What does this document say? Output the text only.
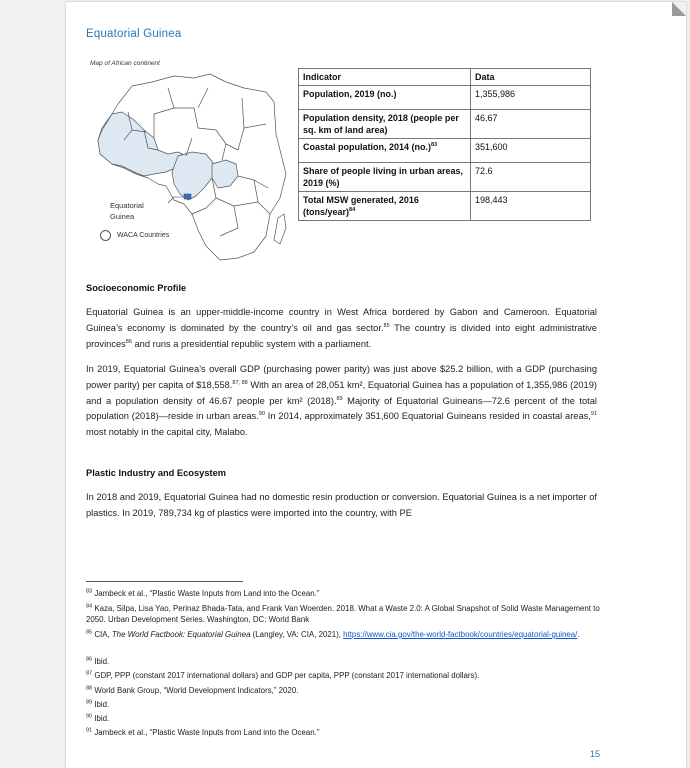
Equatorial Guinea
Map of African continent
Equatorial
Guinea
WACA Countries
Indicator	Data
Population, 2019 (no.)	1,355,986
Population density, 2018 (people per sq. km of land area)	46.67
Coastal population, 2014 $(no.)^{83}$	351,600
Share of people living in urban areas, 2019 (%)	72.6
Total MSW generated, 2016 (tons/year)$^{84}$	198,443
Socioeconomic Profile

Equatorial Guinea is an upper-middle-income country in West Africa bordered by Gabon and Cameroon. Equatorial Guinea’s economy is dominated by the country’s oil and gas sector.$^{85}$ The country is divided into eight administrative provinces$^{86}$ and runs a presidential republic system with a parliament.

In 2019, Equatorial Guinea’s overall GDP (purchasing power parity) was just above $25.2 billion, with a GDP (purchasing power parity) per capita of $18,558.$^{87, 88}$ With an area of 28,051 km², Equatorial Guinea has a population of 1,355,986 (2019) and a population density of 46.67 people per km² (2018).$^{89}$ Majority of Equatorial Guineans—72.6 percent of the total population (2018)—reside in urban areas.$^{90}$ In 2014, approximately 351,600 Equatorial Guineans resided in coastal areas,$^{91}$ most notably in the capital city, Malabo.

Plastic Industry and Ecosystem

In 2018 and 2019, Equatorial Guinea had no domestic resin production or conversion. Equatorial Guinea is a net importer of plastics. In 2019, 789,734 kg of plastics were imported into the country, with PE

$^{83}$ Jambeck et al., “Plastic Waste Inputs from Land into the Ocean.”
$^{84}$ Kaza, Silpa, Lisa Yao, Perinaz Bhada-Tata, and Frank Van Woerden. 2018. What a Waste 2.0: A Global Snapshot of Solid Waste Management to 2050. Urban Development Series. Washington, DC: World Bank
$^{85}$ CIA, The World Factbook: Equatorial Guinea (Langley, VA: CIA, 2021), https://www.cia.gov/the-world-factbook/countries/equatorial-guinea/.
$^{86}$ Ibid.
$^{87}$ GDP, PPP (constant 2017 international dollars) and GDP per capita, PPP (constant 2017 international dollars).
$^{88}$ World Bank Group, “World Development Indicators,” 2020.
$^{89}$ Ibid.
$^{90}$ Ibid.
$^{91}$ Jambeck et al., “Plastic Waste Inputs from Land into the Ocean.”
15
